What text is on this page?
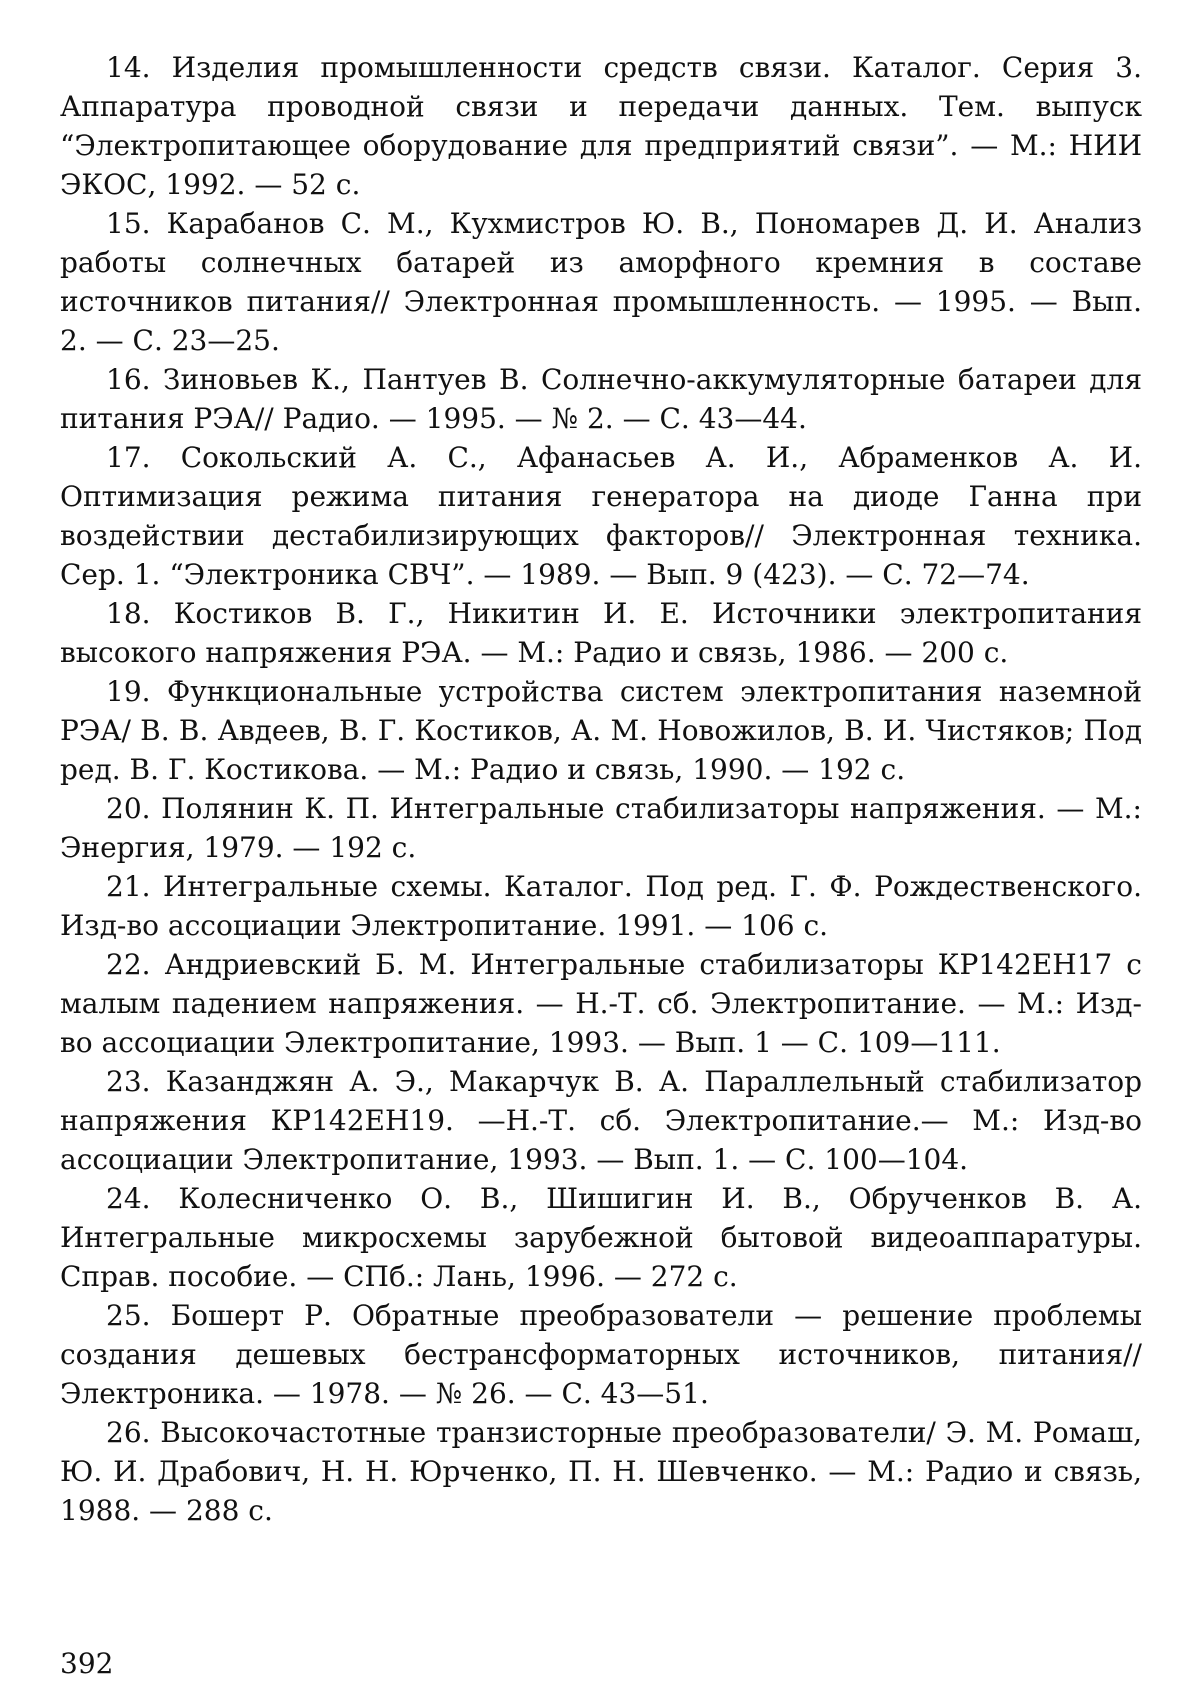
14. Изделия промышленности средств связи. Каталог. Серия 3. Аппаратура проводной связи и передачи данных. Тем. выпуск “Электропитающее оборудование для предприятий связи”. — М.: НИИ ЭКОС, 1992. — 52 с.

15. Карабанов С. М., Кухмистров Ю. В., Пономарев Д. И. Анализ работы солнечных батарей из аморфного кремния в составе источников питания// Электронная промышленность. — 1995. — Вып. 2. — С. 23—25.

16. Зиновьев К., Пантуев В. Солнечно-аккумуляторные батареи для питания РЭА// Радио. — 1995. — № 2. — С. 43—44.

17. Сокольский А. С., Афанасьев А. И., Абраменков А. И. Оптимизация режима питания генератора на диоде Ганна при воздействии дестабилизирующих факторов// Электронная техника. Сер. 1. “Электроника СВЧ”. — 1989. — Вып. 9 (423). — С. 72—74.

18. Костиков В. Г., Никитин И. Е. Источники электропитания высокого напряжения РЭА. — М.: Радио и связь, 1986. — 200 с.

19. Функциональные устройства систем электропитания наземной РЭА/ В. В. Авдеев, В. Г. Костиков, А. М. Новожилов, В. И. Чистяков; Под ред. В. Г. Костикова. — М.: Радио и связь, 1990. — 192 с.

20. Полянин К. П. Интегральные стабилизаторы напряжения. — М.: Энергия, 1979. — 192 с.

21. Интегральные схемы. Каталог. Под ред. Г. Ф. Рождественского. Изд-во ассоциации Электропитание. 1991. — 106 с.

22. Андриевский Б. М. Интегральные стабилизаторы КР142ЕН17 с малым падением напряжения. — Н.-Т. сб. Электропитание. — М.: Изд-во ассоциации Электропитание, 1993. — Вып. 1 — С. 109—111.

23. Казанджян А. Э., Макарчук В. А. Параллельный стабилизатор напряжения КР142ЕН19. —Н.-Т. сб. Электропитание.— М.: Изд-во ассоциации Электропитание, 1993. — Вып. 1. — С. 100—104.

24. Колесниченко О. В., Шишигин И. В., Обрученков В. А. Интегральные микросхемы зарубежной бытовой видеоаппаратуры. Справ. пособие. — СПб.: Лань, 1996. — 272 с.

25. Бошерт Р. Обратные преобразователи — решение проблемы создания дешевых бестрансформаторных источников, питания// Электроника. — 1978. — № 26. — С. 43—51.

26. Высокочастотные транзисторные преобразователи/ Э. М. Ромаш, Ю. И. Драбович, Н. Н. Юрченко, П. Н. Шевченко. — М.: Радио и связь, 1988. — 288 с.

392
